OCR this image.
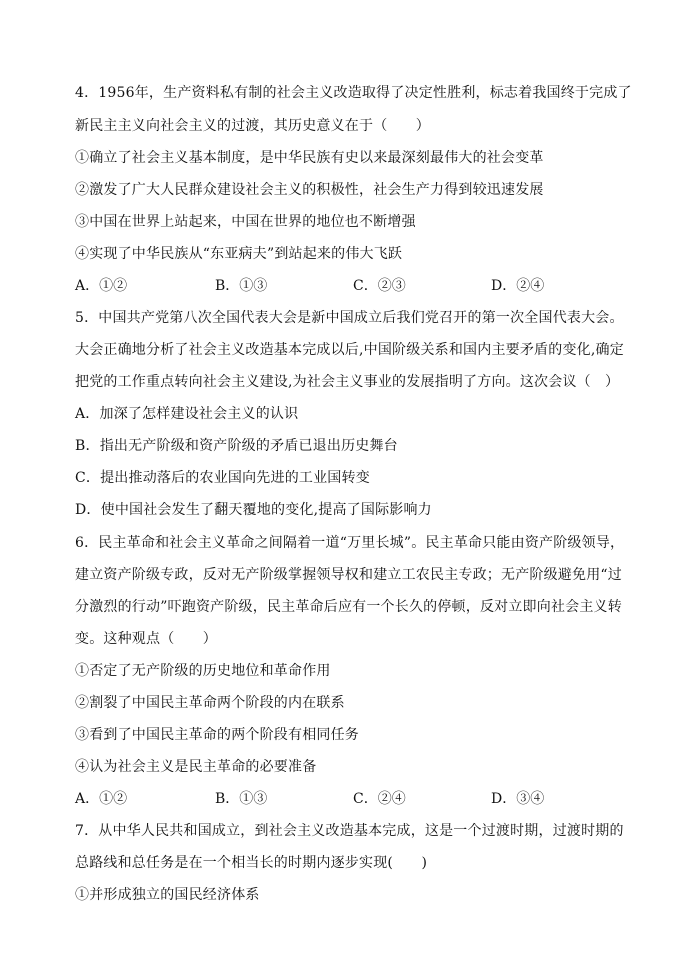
4．1956年，生产资料私有制的社会主义改造取得了决定性胜利，标志着我国终于完成了
新民主主义向社会主义的过渡，其历史意义在于（　　）
①确立了社会主义基本制度，是中华民族有史以来最深刻最伟大的社会变革
②激发了广大人民群众建设社会主义的积极性，社会生产力得到较迅速发展
③中国在世界上站起来，中国在世界的地位也不断增强
④实现了中华民族从“东亚病夫”到站起来的伟大飞跃
A．①②	B．①③	C．②③	D．②④
5．中国共产党第八次全国代表大会是新中国成立后我们党召开的第一次全国代表大会。
大会正确地分析了社会主义改造基本完成以后,中国阶级关系和国内主要矛盾的变化,确定
把党的工作重点转向社会主义建设,为社会主义事业的发展指明了方向。这次会议（　）
A．加深了怎样建设社会主义的认识
B．指出无产阶级和资产阶级的矛盾已退出历史舞台
C．提出推动落后的农业国向先进的工业国转变
D．使中国社会发生了翻天覆地的变化,提高了国际影响力
6．民主革命和社会主义革命之间隔着一道“万里长城”。民主革命只能由资产阶级领导，
建立资产阶级专政，反对无产阶级掌握领导权和建立工农民主专政；无产阶级避免用“过
分激烈的行动”吓跑资产阶级，民主革命后应有一个长久的停顿，反对立即向社会主义转
变。这种观点（　　）
①否定了无产阶级的历史地位和革命作用
②割裂了中国民主革命两个阶段的内在联系
③看到了中国民主革命的两个阶段有相同任务
④认为社会主义是民主革命的必要准备
A．①②	B．①③	C．②④	D．③④
7．从中华人民共和国成立，到社会主义改造基本完成，这是一个过渡时期，过渡时期的
总路线和总任务是在一个相当长的时期内逐步实现(　　)
①并形成独立的国民经济体系
